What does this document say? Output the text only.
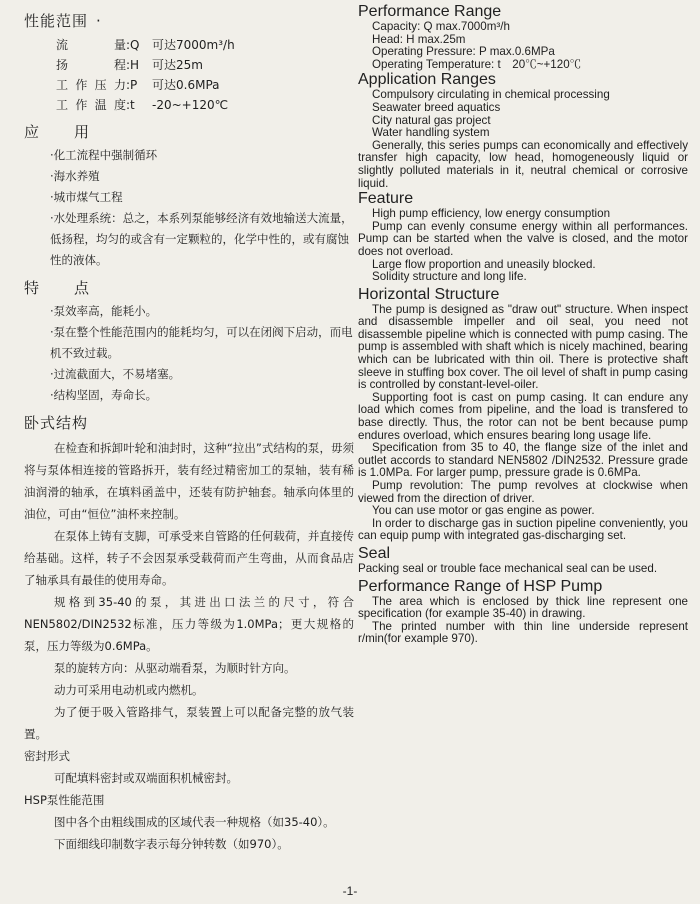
性能范围 ·
流　　量 :Q	可达7000m³/h
扬　　程 :H	可达25m
工作压力 :P	可达0.6MPa
工作温度 :t	-20~+120℃
应	用
·化工流程中强制循环
·海水养殖
·城市煤气工程
·水处理系统：总之，本系列泵能够经济有效地输送大流量，低扬程，均匀的或含有一定颗粒的，化学中性的，或有腐蚀性的液体。
特	点
·泵效率高，能耗小。
·泵在整个性能范围内的能耗均匀，可以在闭阀下启动，而电机不致过载。
·过流截面大，不易堵塞。
·结构坚固，寿命长。
卧式结构

在检查和拆卸叶轮和油封时，这种“拉出”式结构的泵，毋须将与泵体相连接的管路拆开，装有经过精密加工的泵轴，装有稀油润滑的轴承，在填料函盖中，还装有防护轴套。轴承向体里的油位，可由“恒位”油杯来控制。

在泵体上铸有支脚，可承受来自管路的任何载荷，并直接传给基础。这样，转子不会因泵承受载荷而产生弯曲，从而食品店了轴承具有最佳的使用寿命。

规格到35-40的泵，其进出口法兰的尺寸，符合NEN5802/DIN2532标准，压力等级为1.0MPa；更大规格的泵，压力等级为0.6MPa。

泵的旋转方向：从驱动端看泵，为顺时针方向。

动力可采用电动机或内燃机。

为了便于吸入管路排气，泵装置上可以配备完整的放气装置。

密封形式

可配填料密封或双端面积机械密封。

HSP泵性能范围

图中各个由粗线围成的区域代表一种规格（如35-40）。

下面细线印制数字表示每分钟转数（如970）。

Performance Range
Capacity: Q max.7000m³/h
Head: H max.25m
Operating Pressure: P max.0.6MPa
Operating Temperature: t　20℃~+120℃
Application Ranges
Compulsory circulating in chemical processing
Seawater breed aquatics
City natural gas project
Water handling system

Generally, this series pumps can economically and effectively transfer high capacity, low head, homogeneously liquid or slightly polluted materials in it, neutral chemical or corrosive liquid.

Feature

High pump efficiency, low energy consumption

Pump can evenly consume energy within all performances. Pump can be started when the valve is closed, and the motor does not overload.

Large flow proportion and uneasily blocked.

Solidity structure and long life.

Horizontal Structure

The pump is designed as "draw out" structure. When inspect and disassemble impeller and oil seal, you need not disassemble pipeline which is connected with pump casing. The pump is assembled with shaft which is nicely machined, bearing which can be lubricated with thin oil. There is protective shaft sleeve in stuffing box cover. The oil level of shaft in pump casing is controlled by constant-level-oiler.

Supporting foot is cast on pump casing. It can endure any load which comes from pipeline, and the load is transfered to base directly. Thus, the rotor can not be bent because pump endures overload, which ensures bearing long usage life.

Specification from 35 to 40, the flange size of the inlet and outlet accords to standard NEN5802 /DIN2532. Pressure grade is 1.0MPa. For larger pump, pressure grade is 0.6MPa.

Pump revolution: The pump revolves at clockwise when viewed from the direction of driver.

You can use motor or gas engine as power.

In order to discharge gas in suction pipeline conveniently, you can equip pump with integrated gas-discharging set.

Seal
Packing seal or trouble face mechanical seal can be used.
Performance Range of HSP Pump

The area which is enclosed by thick line represent one specification (for example 35-40) in drawing.

The printed number with thin line underside represent r/min(for example 970).

-1-
